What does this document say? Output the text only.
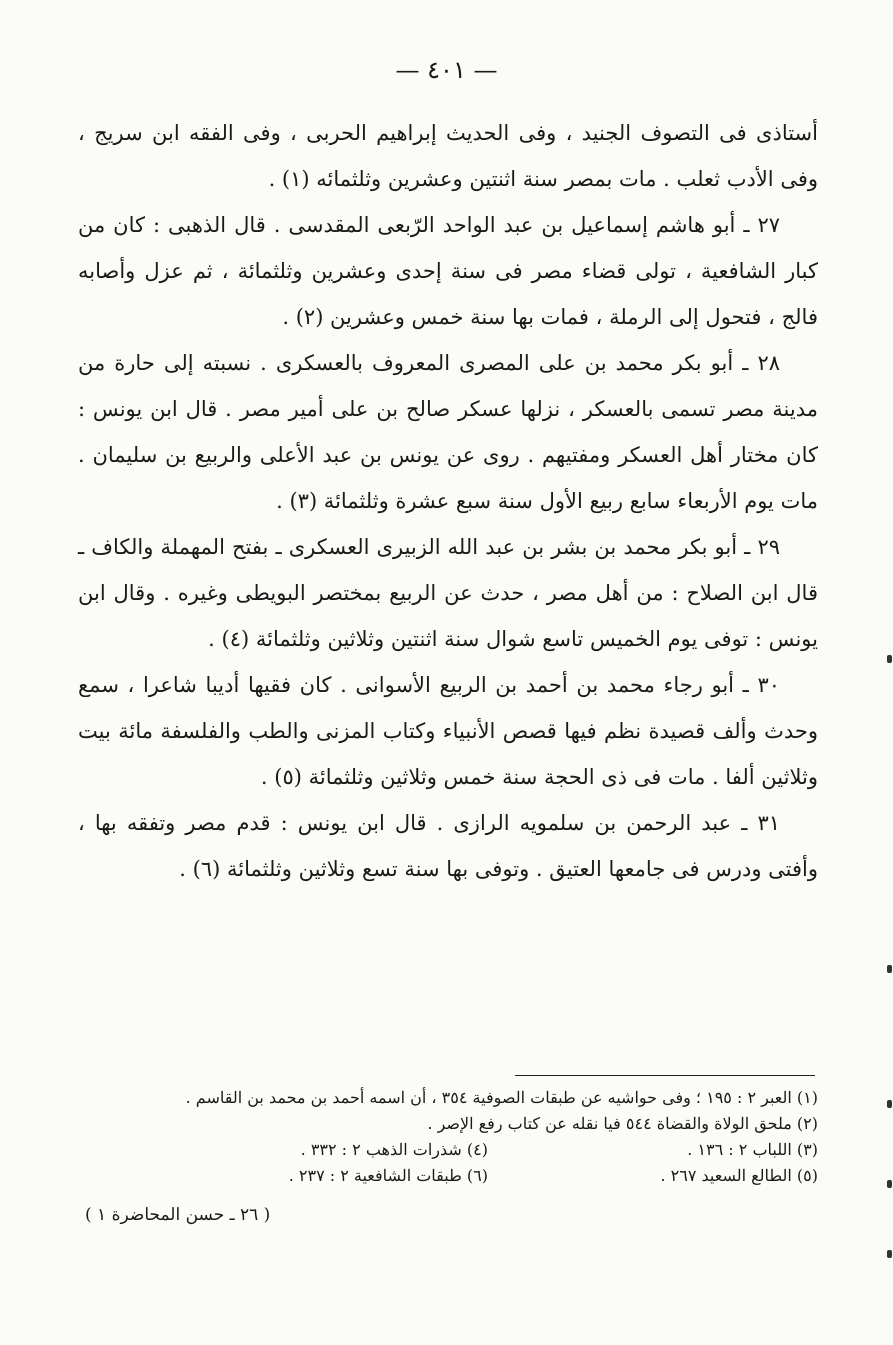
— ٤٠١ —

أستاذى فى التصوف الجنيد ، وفى الحديث إبراهيم الحربى ، وفى الفقه ابن سريج ، وفى الأدب ثعلب . مات بمصر سنة اثنتين وعشرين وثلثمائه (١) .

٢٧ ـ أبو هاشم إسماعيل بن عبد الواحد الرّبعى المقدسى . قال الذهبى : كان من كبار الشافعية ، تولى قضاء مصر فى سنة إحدى وعشرين وثلثمائة ، ثم عزل وأصابه فالج ، فتحول إلى الرملة ، فمات بها سنة خمس وعشرين (٢) .

٢٨ ـ أبو بكر محمد بن على المصرى المعروف بالعسكرى . نسبته إلى حارة من مدينة مصر تسمى بالعسكر ، نزلها عسكر صالح بن على أمير مصر . قال ابن يونس : كان مختار أهل العسكر ومفتيهم . روى عن يونس بن عبد الأعلى والربيع بن سليمان . مات يوم الأربعاء سابع ربيع الأول سنة سبع عشرة وثلثمائة (٣) .

٢٩ ـ أبو بكر محمد بن بشر بن عبد الله الزبيرى العسكرى ـ بفتح المهملة والكاف ـ قال ابن الصلاح : من أهل مصر ، حدث عن الربيع بمختصر البويطى وغيره . وقال ابن يونس : توفى يوم الخميس تاسع شوال سنة اثنتين وثلاثين وثلثمائة (٤) .

٣٠ ـ أبو رجاء محمد بن أحمد بن الربيع الأسوانى . كان فقيها أديبا شاعرا ، سمع وحدث وألف قصيدة نظم فيها قصص الأنبياء وكتاب المزنى والطب والفلسفة مائة بيت وثلاثين ألفا . مات فى ذى الحجة سنة خمس وثلاثين وثلثمائة (٥) .

٣١ ـ عبد الرحمن بن سلمويه الرازى . قال ابن يونس : قدم مصر وتفقه بها ، وأفتى ودرس فى جامعها العتيق . وتوفى بها سنة تسع وثلاثين وثلثمائة (٦) .

(١) العبر ٢ : ١٩٥ ؛ وفى حواشيه عن طبقات الصوفية ٣٥٤ ، أن اسمه أحمد بن محمد بن القاسم .
(٢) ملحق الولاة والقضاة ٥٤٤ فيا نقله عن كتاب رفع الإصر .
(٣) اللباب ٢ : ١٣٦ .
(٤) شذرات الذهب ٢ : ٣٣٢ .
(٥) الطالع السعيد ٢٦٧ .
(٦) طبقات الشافعية ٢ : ٢٣٧ .
( ٢٦ ـ حسن المحاضرة ١ )
